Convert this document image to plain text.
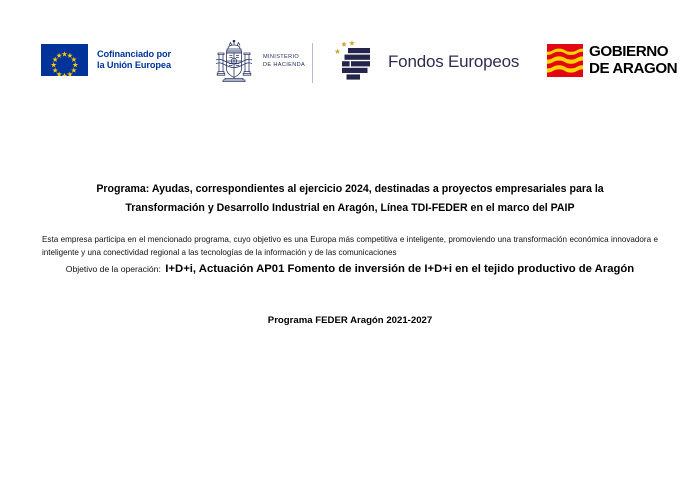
Cofinanciado por
la Unión Europea
MINISTERIO
DE HACIENDA	Fondos Europeos	GOBIERNO
DE ARAGON
Programa: Ayudas, correspondientes al ejercicio 2024, destinadas a proyectos empresariales para la
Transformación y Desarrollo Industrial en Aragón, Línea TDI-FEDER en el marco del PAIP

Esta empresa participa en el mencionado programa, cuyo objetivo es una Europa más competitiva e inteligente, promoviendo una transformación económica innovadora e inteligente y una conectividad regional a las tecnologías de la información y de las comunicaciones

Objetivo de la operación: I+D+i, Actuación AP01 Fomento de inversión de I+D+i en el tejido productivo de Aragón
Programa FEDER Aragón 2021-2027
